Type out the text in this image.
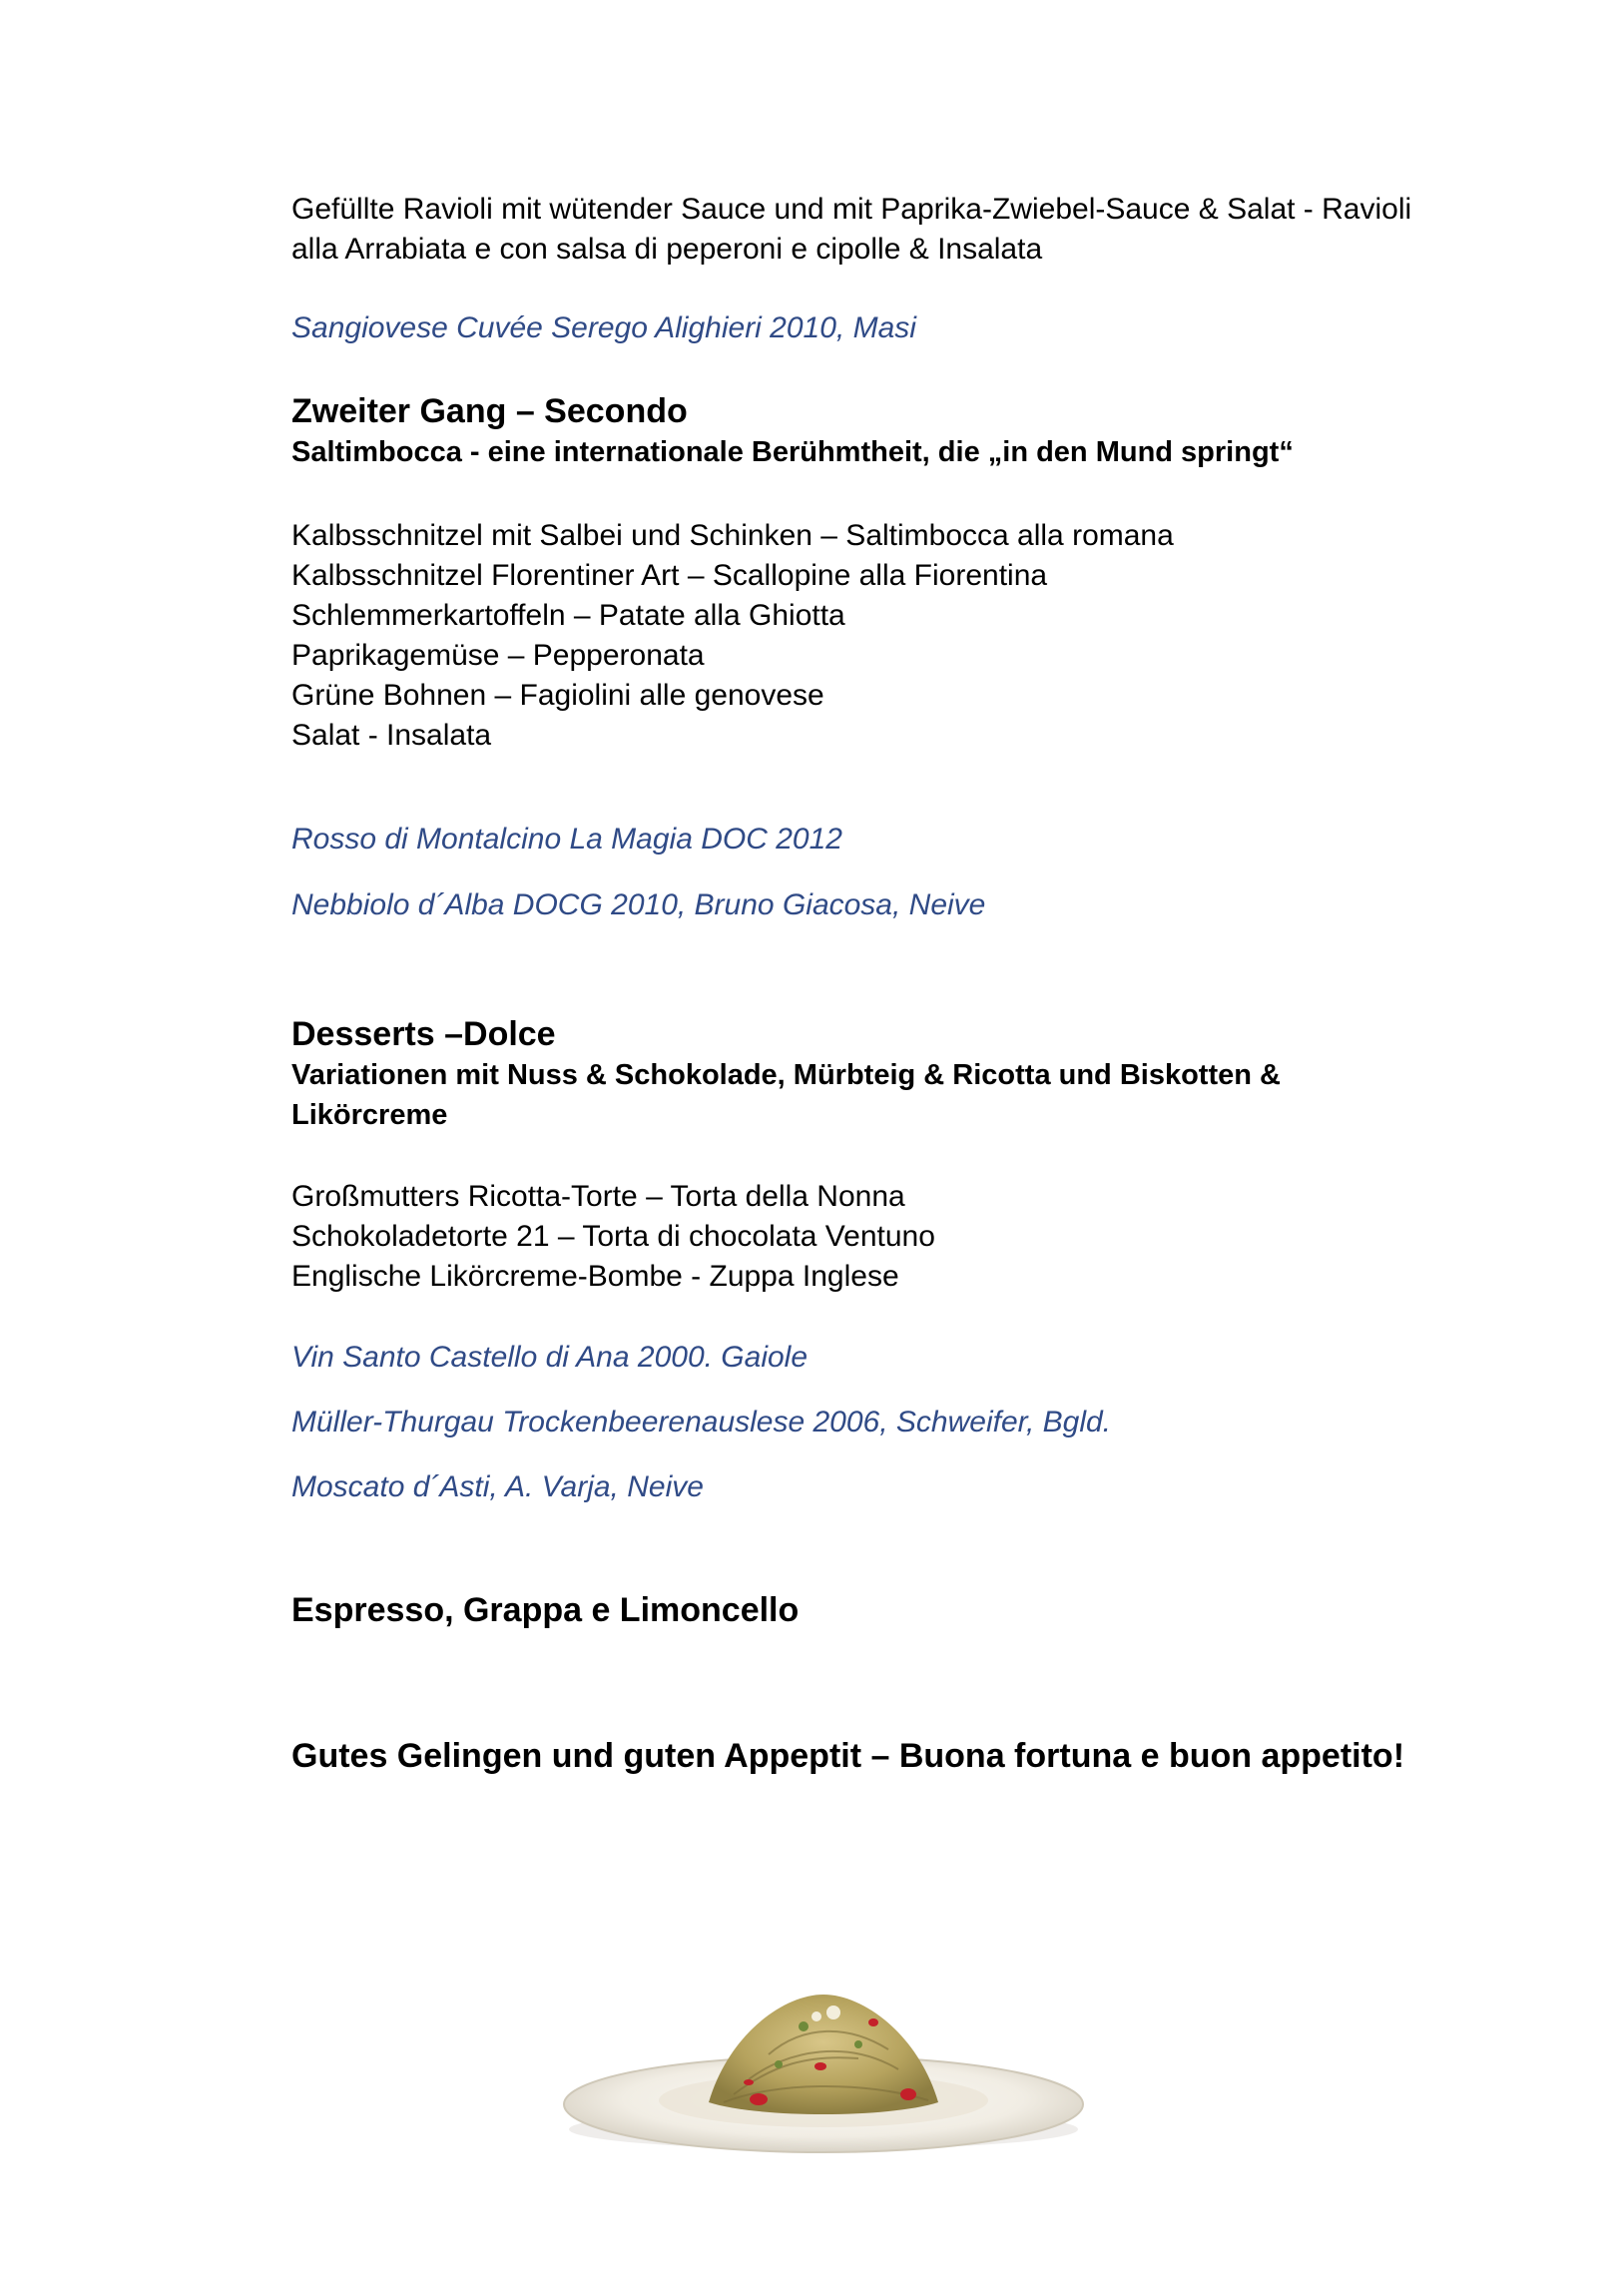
Gefüllte Ravioli mit wütender Sauce und mit Paprika-Zwiebel-Sauce & Salat - Ravioli

alla Arrabiata e con salsa di peperoni e cipolle & Insalata

Sangiovese Cuvée Serego Alighieri 2010, Masi

Zweiter Gang – Secondo

Saltimbocca - eine internationale Berühmtheit, die „in den Mund springt“

Kalbsschnitzel mit Salbei und Schinken – Saltimbocca alla romana

Kalbsschnitzel Florentiner Art – Scallopine alla Fiorentina

Schlemmerkartoffeln – Patate alla Ghiotta

Paprikagemüse – Pepperonata

Grüne Bohnen – Fagiolini alle genovese

Salat - Insalata

Rosso di Montalcino La Magia DOC 2012

Nebbiolo d´Alba DOCG 2010, Bruno Giacosa, Neive

Desserts –Dolce

Variationen mit Nuss & Schokolade, Mürbteig & Ricotta und Biskotten &

Likörcreme

Großmutters Ricotta-Torte – Torta della Nonna

Schokoladetorte 21 – Torta di chocolata Ventuno

Englische Likörcreme-Bombe - Zuppa Inglese

Vin Santo Castello di Ana 2000. Gaiole

Müller-Thurgau Trockenbeerenauslese 2006, Schweifer, Bgld.

Moscato d´Asti, A. Varja, Neive

Espresso, Grappa e Limoncello

Gutes Gelingen und guten Appeptit – Buona fortuna e buon appetito!
